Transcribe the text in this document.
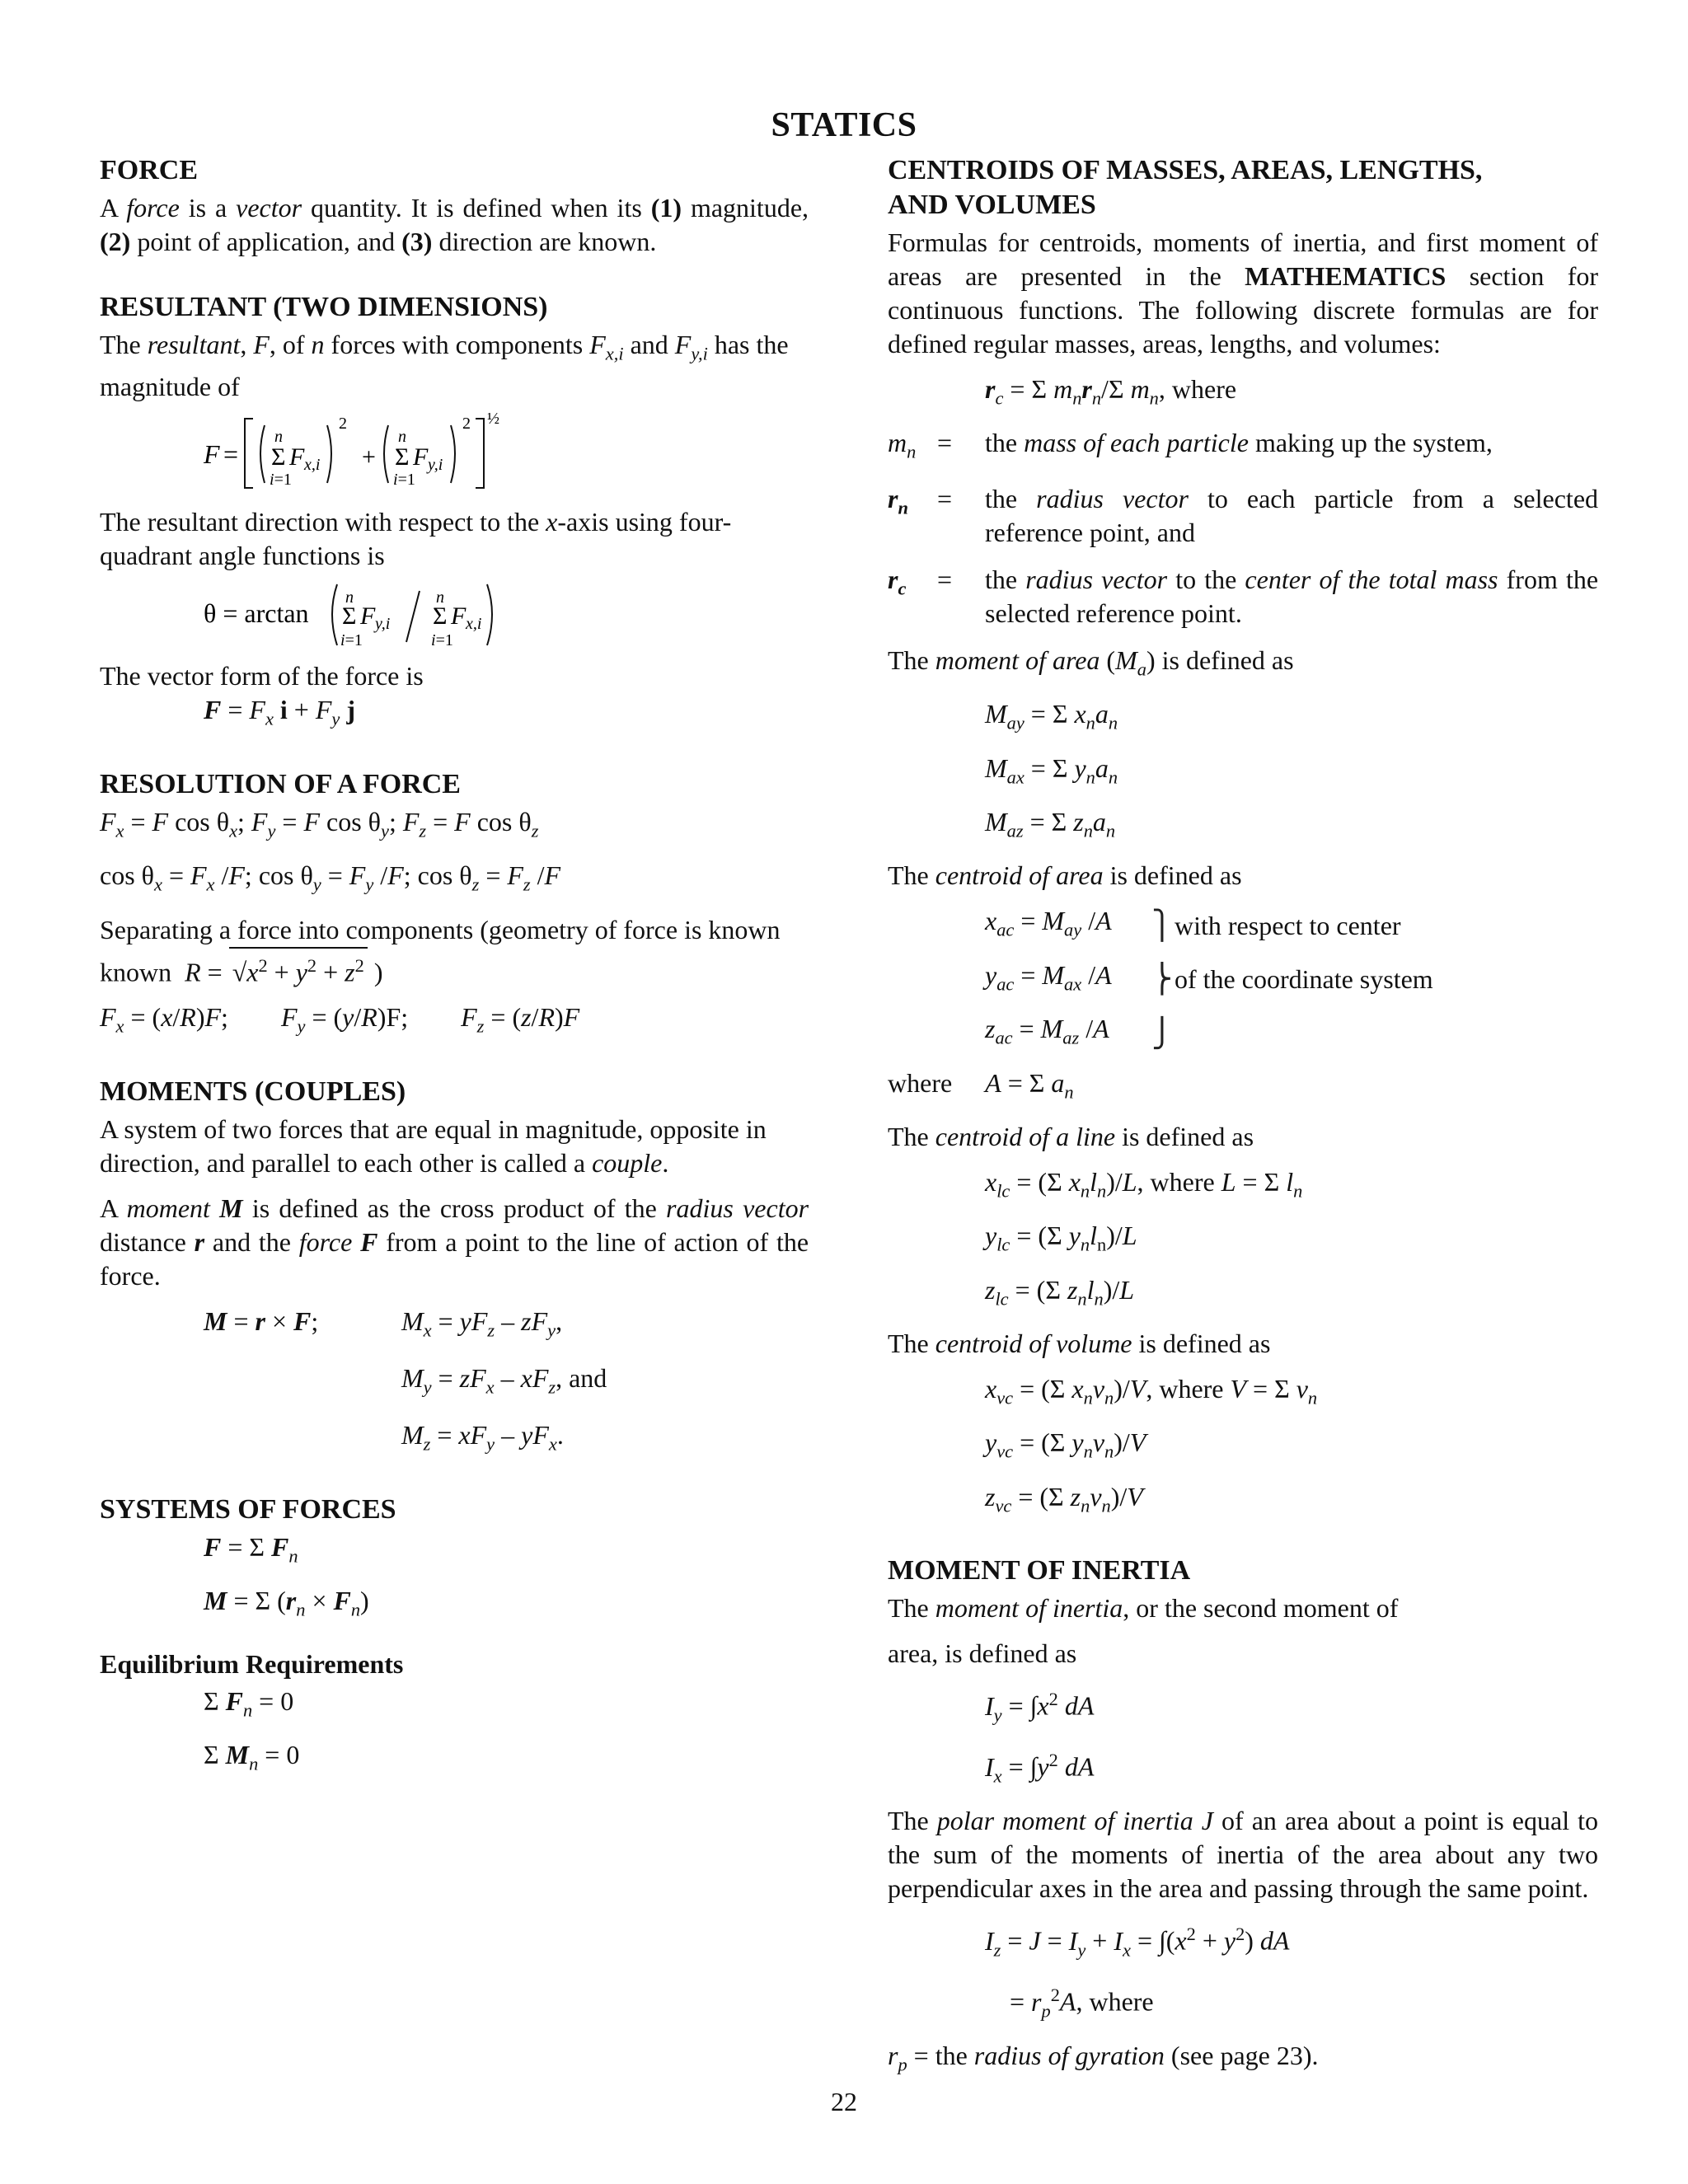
STATICS
FORCE

A force is a vector quantity. It is defined when its (1) magnitude, (2) point of application, and (3) direction are known.

RESULTANT (TWO DIMENSIONS)

The resultant, F, of n forces with components $F_{x,i}$ and $F_{y,i}$ has the magnitude of

F =
n
Σ F x,i
i=1
2
+
n
Σ F y,i
i=1
2 ½

The resultant direction with respect to the x-axis using four-quadrant angle functions is

θ = arctan
n
Σ F y,i
i=1
n
Σ F x,i
i=1

The vector form of the force is

$F = F_x$ $i + F_y$ j
RESOLUTION OF A FORCE
$F_x = F$ $\cos \theta_x$; $F_y = F$ $\cos \theta_y$; $F_z = F$ $\cos \theta_z$
$\cos \theta_x = F_x$ /F; $\cos \theta_y = F_y$ /F; $\cos \theta_z = F_z$ /F

Separating a force into components (geometry of force is known

known  $R = √x^2 + y^2 + z^2$ )
$F_x = (x/R)F$;        $F_y = (y/R)F$;        $F_z = (z/R)F$
MOMENTS (COUPLES)

A system of two forces that are equal in magnitude, opposite in direction, and parallel to each other is called a couple.

A moment M is defined as the cross product of the radius vector distance r and the force F from a point to the line of action of the force.

M = r × F;	$M_x = yF_z - zF_y$,
$M_y = zF_x - xF_z$, and
$M_z = xF_y - yF_x$.
SYSTEMS OF FORCES
F = Σ $F_n$
M = Σ $(r_n \times F_n)$
Equilibrium Requirements
Σ $F_n = 0$
Σ $M_n = 0$
CENTROIDS OF MASSES, AREAS, LENGTHS,
AND VOLUMES

Formulas for centroids, moments of inertia, and first moment of areas are presented in the MATHEMATICS section for continuous functions. The following discrete formulas are for defined regular masses, areas, lengths, and volumes:

$r_c = \Sigma$ $m_nr_n/\Sigma$ $m_n$, where
$m_n$ =	the mass of each particle making up the system,
$r_n$	=	the radius vector to each particle from a selected reference point, and
$r_c$	=	the radius vector to the center of the total mass from the selected reference point.

The moment of area $(M_a)$ is defined as

$M_{ay} = \Sigma$ $x_na_n$
$M_{ax} = \Sigma$ $y_na_n$
$M_{az} = \Sigma$ $z_na_n$

The centroid of area is defined as

$x_{ac} = M_{ay}$ /A	⎫ with respect to center
$y_{ac} = M_{ax}$ /A	⎬ of the coordinate system
$z_{ac} = M_{az}$ /A	⎭
where A = Σ $a_n$

The centroid of a line is defined as

$x_{lc} = (\Sigma$ $x_nl_n)/L$, where L = Σ $l_n$
$y_{lc} = (\Sigma$ $y_nl_n)/L$
$z_{lc} = (\Sigma$ $z_nl_n)/L$

The centroid of volume is defined as

$x_{vc} = (\Sigma$ $x_nv_n)/V$, where V = Σ $v_n$
$y_{vc} = (\Sigma$ $y_nv_n)/V$
$z_{vc} = (\Sigma$ $z_nv_n)/V$
MOMENT OF INERTIA

The moment of inertia, or the second moment of

area, is defined as

$I_y = \int x^2$ dA
$I_x = \int y^2$ dA

The polar moment of inertia J of an area about a point is equal to the sum of the moments of inertia of the area about any two perpendicular axes in the area and passing through the same point.

$I_z = J = I_y + I_x = \int(x^2 + y^2)$ dA
= $r_p^2A$, where

$r_p$ = the radius of gyration (see page 23).

22
